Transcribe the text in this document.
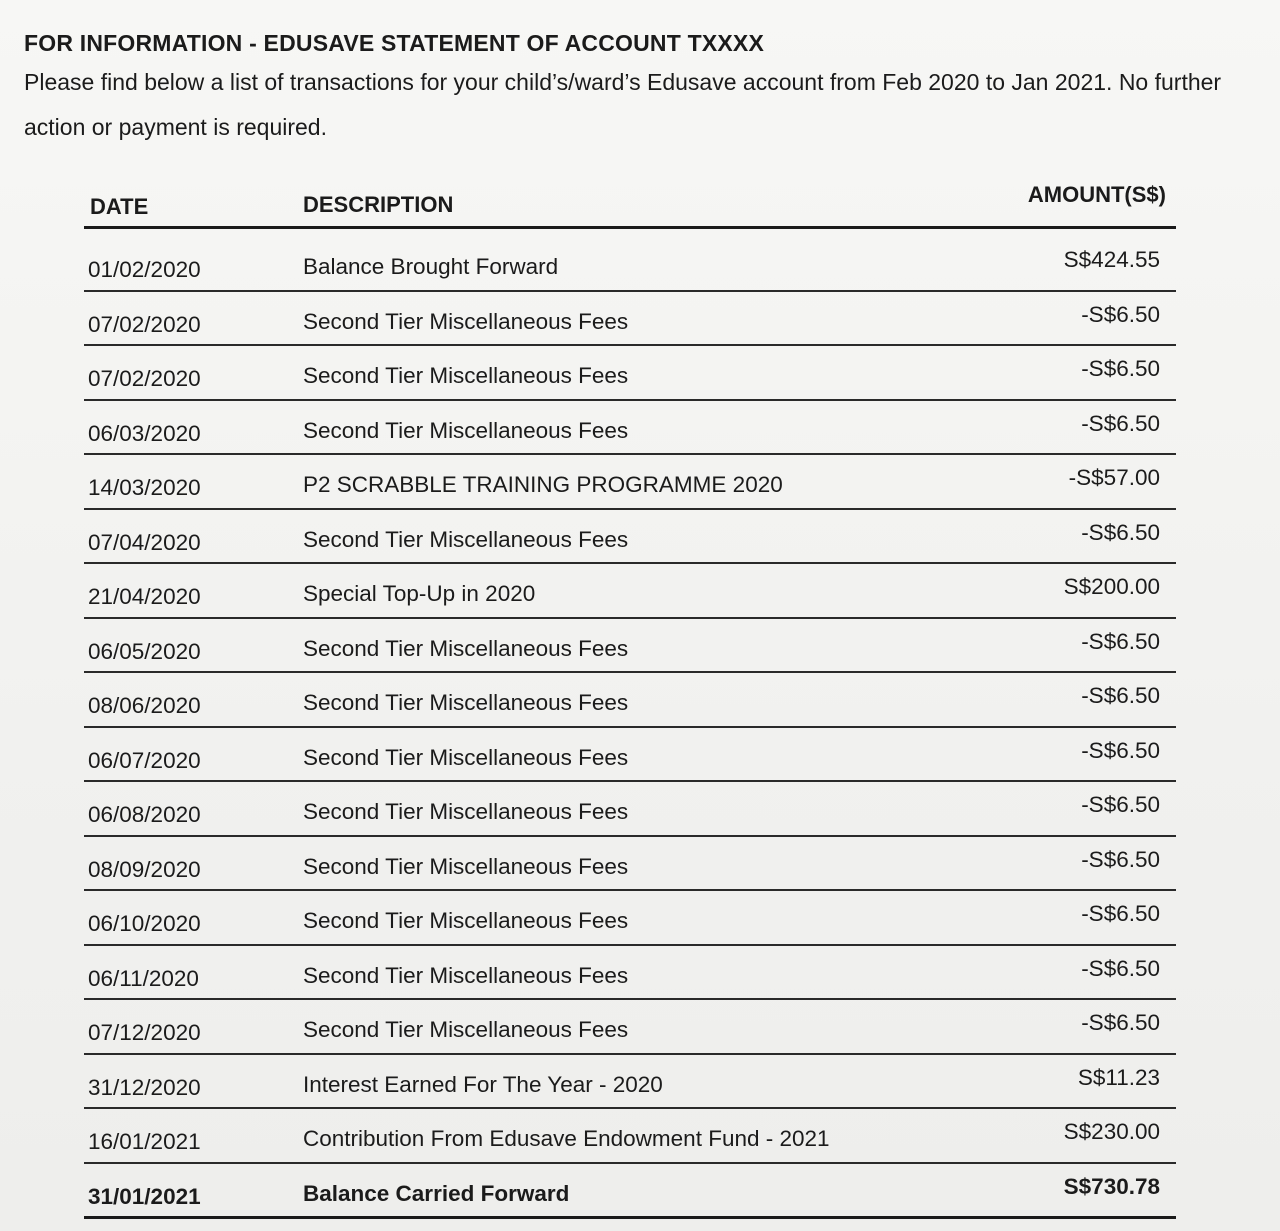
FOR INFORMATION - EDUSAVE STATEMENT OF ACCOUNT TXXXX
Please find below a list of transactions for your child’s/ward’s Edusave account from Feb 2020 to Jan 2021. No further action or payment is required.
DATE	DESCRIPTION	AMOUNT(S$)
01/02/2020	Balance Brought Forward	S$424.55
07/02/2020	Second Tier Miscellaneous Fees	-S$6.50
07/02/2020	Second Tier Miscellaneous Fees	-S$6.50
06/03/2020	Second Tier Miscellaneous Fees	-S$6.50
14/03/2020	P2 SCRABBLE TRAINING PROGRAMME 2020	-S$57.00
07/04/2020	Second Tier Miscellaneous Fees	-S$6.50
21/04/2020	Special Top-Up in 2020	S$200.00
06/05/2020	Second Tier Miscellaneous Fees	-S$6.50
08/06/2020	Second Tier Miscellaneous Fees	-S$6.50
06/07/2020	Second Tier Miscellaneous Fees	-S$6.50
06/08/2020	Second Tier Miscellaneous Fees	-S$6.50
08/09/2020	Second Tier Miscellaneous Fees	-S$6.50
06/10/2020	Second Tier Miscellaneous Fees	-S$6.50
06/11/2020	Second Tier Miscellaneous Fees	-S$6.50
07/12/2020	Second Tier Miscellaneous Fees	-S$6.50
31/12/2020	Interest Earned For The Year - 2020	S$11.23
16/01/2021	Contribution From Edusave Endowment Fund - 2021	S$230.00
31/01/2021	Balance Carried Forward	S$730.78
